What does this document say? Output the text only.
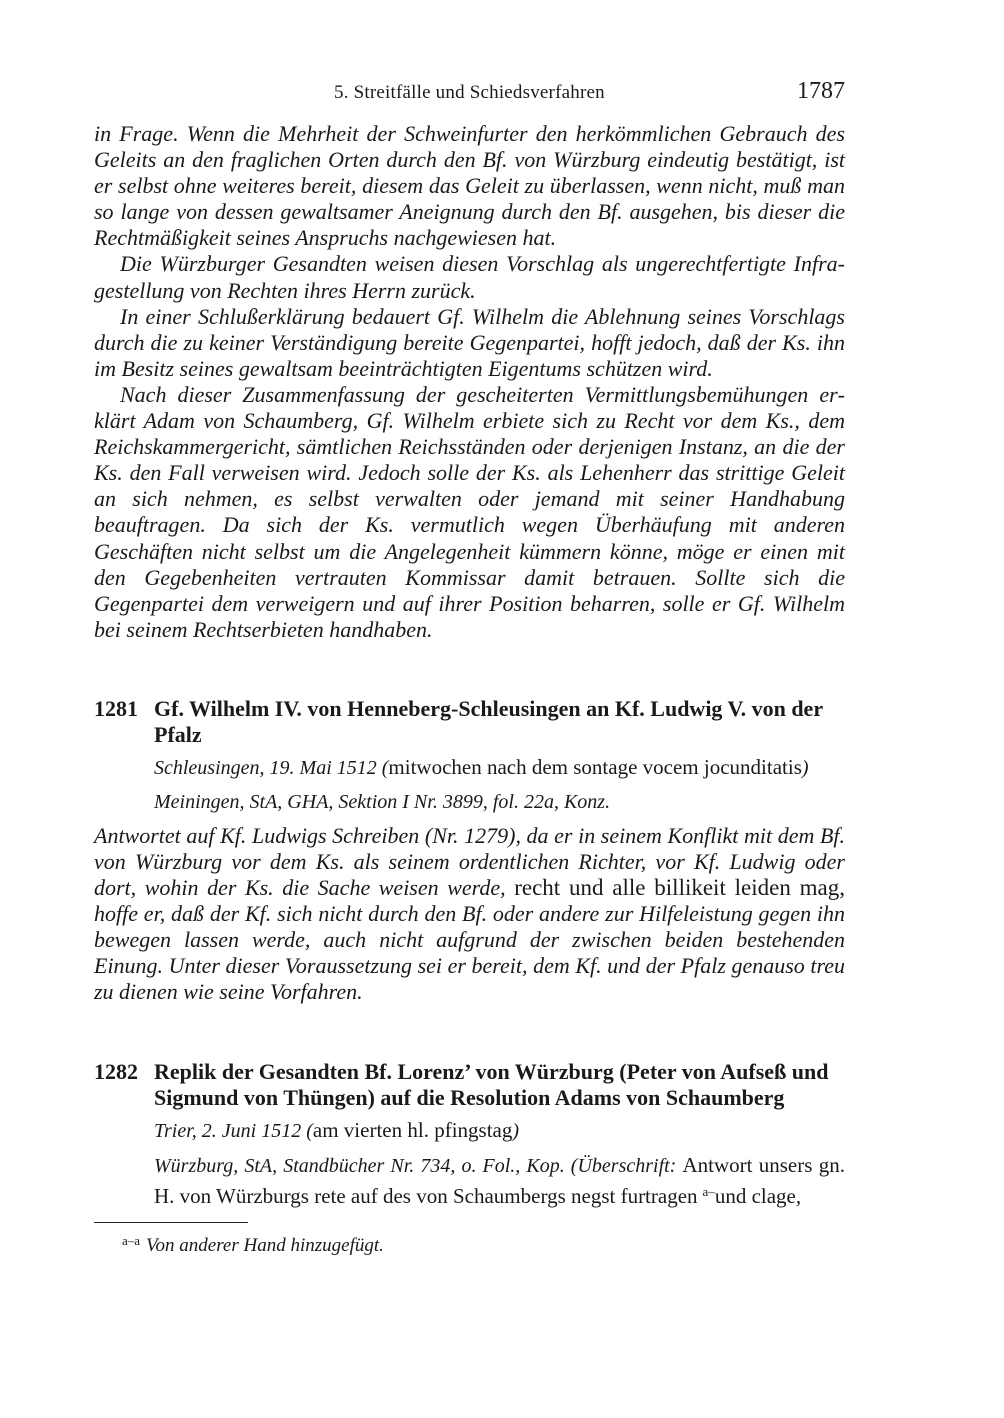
5. Streitfälle und Schiedsverfahren	1787

in Frage. Wenn die Mehrheit der Schweinfurter den herkömmlichen Gebrauch des Geleits an den fraglichen Orten durch den Bf. von Würzburg eindeutig bestätigt, ist er selbst ohne weiteres bereit, diesem das Geleit zu überlassen, wenn nicht, muß man so lange von dessen gewaltsamer Aneignung durch den Bf. ausgehen, bis dieser die Rechtmäßigkeit seines Anspruchs nachgewiesen hat.

Die Würzburger Gesandten weisen diesen Vorschlag als ungerechtfertigte Infragestellung von Rechten ihres Herrn zurück.

In einer Schlußerklärung bedauert Gf. Wilhelm die Ablehnung seines Vorschlags durch die zu keiner Verständigung bereite Gegenpartei, hofft jedoch, daß der Ks. ihn im Besitz seines gewaltsam beeinträchtigten Eigentums schützen wird.

Nach dieser Zusammenfassung der gescheiterten Vermittlungsbemühungen erklärt Adam von Schaumberg, Gf. Wilhelm erbiete sich zu Recht vor dem Ks., dem Reichskammergericht, sämtlichen Reichsständen oder derjenigen Instanz, an die der Ks. den Fall verweisen wird. Jedoch solle der Ks. als Lehenherr das strittige Geleit an sich nehmen, es selbst verwalten oder jemand mit seiner Handhabung beauftragen. Da sich der Ks. vermutlich wegen Überhäufung mit anderen Geschäften nicht selbst um die Angelegenheit kümmern könne, möge er einen mit den Gegebenheiten vertrauten Kommissar damit betrauen. Sollte sich die Gegenpartei dem verweigern und auf ihrer Position beharren, solle er Gf. Wilhelm bei seinem Rechtserbieten handhaben.

1281 Gf. Wilhelm IV. von Henneberg-Schleusingen an Kf. Ludwig V. von der Pfalz
Schleusingen, 19. Mai 1512 (mitwochen nach dem sontage vocem jocunditatis)
Meiningen, StA, GHA, Sektion I Nr. 3899, fol. 22a, Konz.

Antwortet auf Kf. Ludwigs Schreiben (Nr. 1279), da er in seinem Konflikt mit dem Bf. von Würzburg vor dem Ks. als seinem ordentlichen Richter, vor Kf. Ludwig oder dort, wohin der Ks. die Sache weisen werde, recht und alle billikeit leiden mag, hoffe er, daß der Kf. sich nicht durch den Bf. oder andere zur Hilfeleistung gegen ihn bewegen lassen werde, auch nicht aufgrund der zwischen beiden bestehenden Einung. Unter dieser Voraussetzung sei er bereit, dem Kf. und der Pfalz genauso treu zu dienen wie seine Vorfahren.

1282 Replik der Gesandten Bf. Lorenz’ von Würzburg (Peter von Aufseß und Sigmund von Thüngen) auf die Resolution Adams von Schaumberg
Trier, 2. Juni 1512 (am vierten hl. pfingstag)
Würzburg, StA, Standbücher Nr. 734, o. Fol., Kop. (Überschrift: Antwort unsers gn. H. von Würzburgs rete auf des von Schaumbergs negst furtragen $^{a-}$und clage,
$^{a-a}$ Von anderer Hand hinzugefügt.
